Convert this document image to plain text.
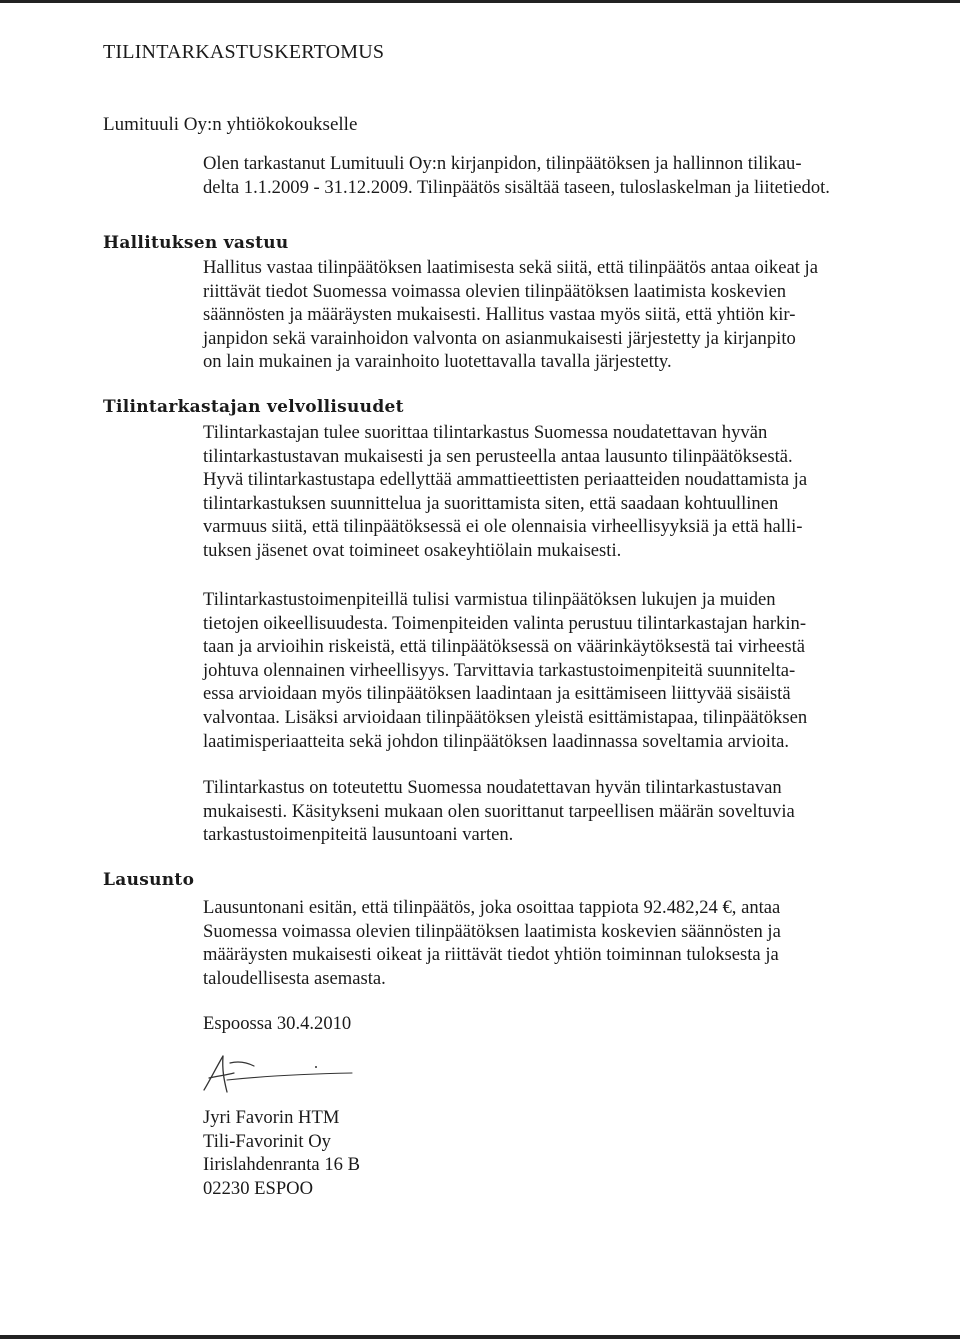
TILINTARKASTUSKERTOMUS
Lumituuli Oy:n yhtiökokoukselle

Olen tarkastanut Lumituuli Oy:n kirjanpidon, tilinpäätöksen ja hallinnon tilikau-
delta 1.1.2009 - 31.12.2009. Tilinpäätös sisältää taseen, tuloslaskelman ja liitetiedot.

Hallituksen vastuu

Hallitus vastaa tilinpäätöksen laatimisesta sekä siitä, että tilinpäätös antaa oikeat ja
riittävät tiedot Suomessa voimassa olevien tilinpäätöksen laatimista koskevien
säännösten ja määräysten mukaisesti. Hallitus vastaa myös siitä, että yhtiön kir-
janpidon sekä varainhoidon valvonta on asianmukaisesti järjestetty ja kirjanpito
on lain mukainen ja varainhoito luotettavalla tavalla järjestetty.

Tilintarkastajan velvollisuudet

Tilintarkastajan tulee suorittaa tilintarkastus Suomessa noudatettavan hyvän
tilintarkastustavan mukaisesti ja sen perusteella antaa lausunto tilinpäätöksestä.
Hyvä tilintarkastustapa edellyttää ammattieettisten periaatteiden noudattamista ja
tilintarkastuksen suunnittelua ja suorittamista siten, että saadaan kohtuullinen
varmuus siitä, että tilinpäätöksessä ei ole olennaisia virheellisyyksiä ja että halli-
tuksen jäsenet ovat toimineet osakeyhtiölain mukaisesti.

Tilintarkastustoimenpiteillä tulisi varmistua tilinpäätöksen lukujen ja muiden
tietojen oikeellisuudesta. Toimenpiteiden valinta perustuu tilintarkastajan harkin-
taan ja arvioihin riskeistä, että tilinpäätöksessä on väärinkäytöksestä tai virheestä
johtuva olennainen virheellisyys. Tarvittavia tarkastustoimenpiteitä suunnitelta-
essa arvioidaan myös tilinpäätöksen laadintaan ja esittämiseen liittyvää sisäistä
valvontaa. Lisäksi arvioidaan tilinpäätöksen yleistä esittämistapaa, tilinpäätöksen
laatimisperiaatteita sekä johdon tilinpäätöksen laadinnassa soveltamia arvioita.

Tilintarkastus on toteutettu Suomessa noudatettavan hyvän tilintarkastustavan
mukaisesti. Käsitykseni mukaan olen suorittanut tarpeellisen määrän soveltuvia
tarkastustoimenpiteitä lausuntoani varten.

Lausunto

Lausuntonani esitän, että tilinpäätös, joka osoittaa tappiota 92.482,24 €, antaa
Suomessa voimassa olevien tilinpäätöksen laatimista koskevien säännösten ja
määräysten mukaisesti oikeat ja riittävät tiedot yhtiön toiminnan tuloksesta ja
taloudellisesta asemasta.

Espoossa 30.4.2010

Jyri Favorin HTM
Tili-Favorinit Oy
Iirislahdenranta 16 B
02230 ESPOO
